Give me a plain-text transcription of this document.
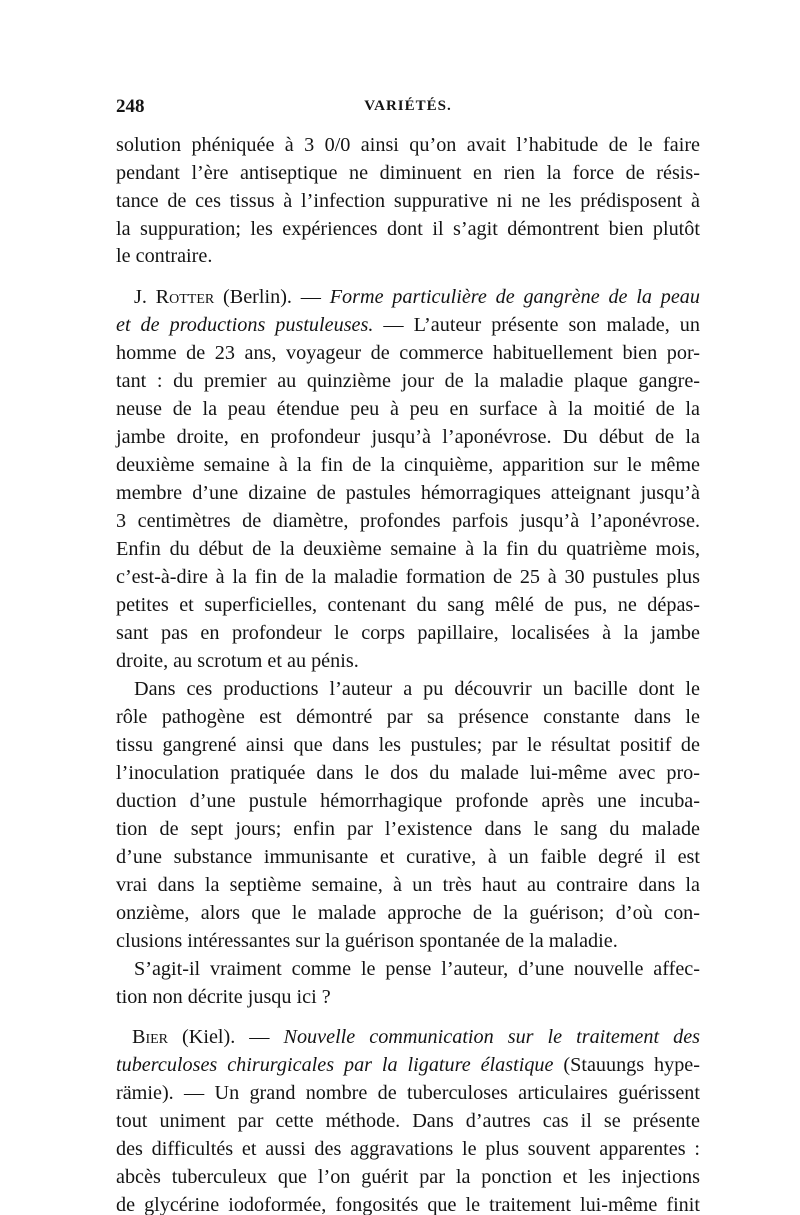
248	VARIÉTÉS.
solution phéniquée à 3 0/0 ainsi qu’on avait l’habitude de le faire
pendant l’ère antiseptique ne diminuent en rien la force de résis-
tance de ces tissus à l’infection suppurative ni ne les prédisposent à
la suppuration; les expériences dont il s’agit démontrent bien plutôt
le contraire.
J. Rotter (Berlin). — Forme particulière de gangrène de la peau
et de productions pustuleuses. — L’auteur présente son malade, un
homme de 23 ans, voyageur de commerce habituellement bien por-
tant : du premier au quinzième jour de la maladie plaque gangre-
neuse de la peau étendue peu à peu en surface à la moitié de la
jambe droite, en profondeur jusqu’à l’aponévrose. Du début de la
deuxième semaine à la fin de la cinquième, apparition sur le même
membre d’une dizaine de pastules hémorragiques atteignant jusqu’à
3 centimètres de diamètre, profondes parfois jusqu’à l’aponévrose.
Enfin du début de la deuxième semaine à la fin du quatrième mois,
c’est-à-dire à la fin de la maladie formation de 25 à 30 pustules plus
petites et superficielles, contenant du sang mêlé de pus, ne dépas-
sant pas en profondeur le corps papillaire, localisées à la jambe
droite, au scrotum et au pénis.
Dans ces productions l’auteur a pu découvrir un bacille dont le
rôle pathogène est démontré par sa présence constante dans le
tissu gangrené ainsi que dans les pustules; par le résultat positif de
l’inoculation pratiquée dans le dos du malade lui-même avec pro-
duction d’une pustule hémorrhagique profonde après une incuba-
tion de sept jours; enfin par l’existence dans le sang du malade
d’une substance immunisante et curative, à un faible degré il est
vrai dans la septième semaine, à un très haut au contraire dans la
onzième, alors que le malade approche de la guérison; d’où con-
clusions intéressantes sur la guérison spontanée de la maladie.
S’agit-il vraiment comme le pense l’auteur, d’une nouvelle affec-
tion non décrite jusqu ici ?
Bier (Kiel). — Nouvelle communication sur le traitement des
tuberculoses chirurgicales par la ligature élastique (Stauungs hype-
rämie). — Un grand nombre de tuberculoses articulaires guérissent
tout uniment par cette méthode. Dans d’autres cas il se présente
des difficultés et aussi des aggravations le plus souvent apparentes :
abcès tuberculeux que l’on guérit par la ponction et les injections
de glycérine iodoformée, fongosités que le traitement lui-même finit
